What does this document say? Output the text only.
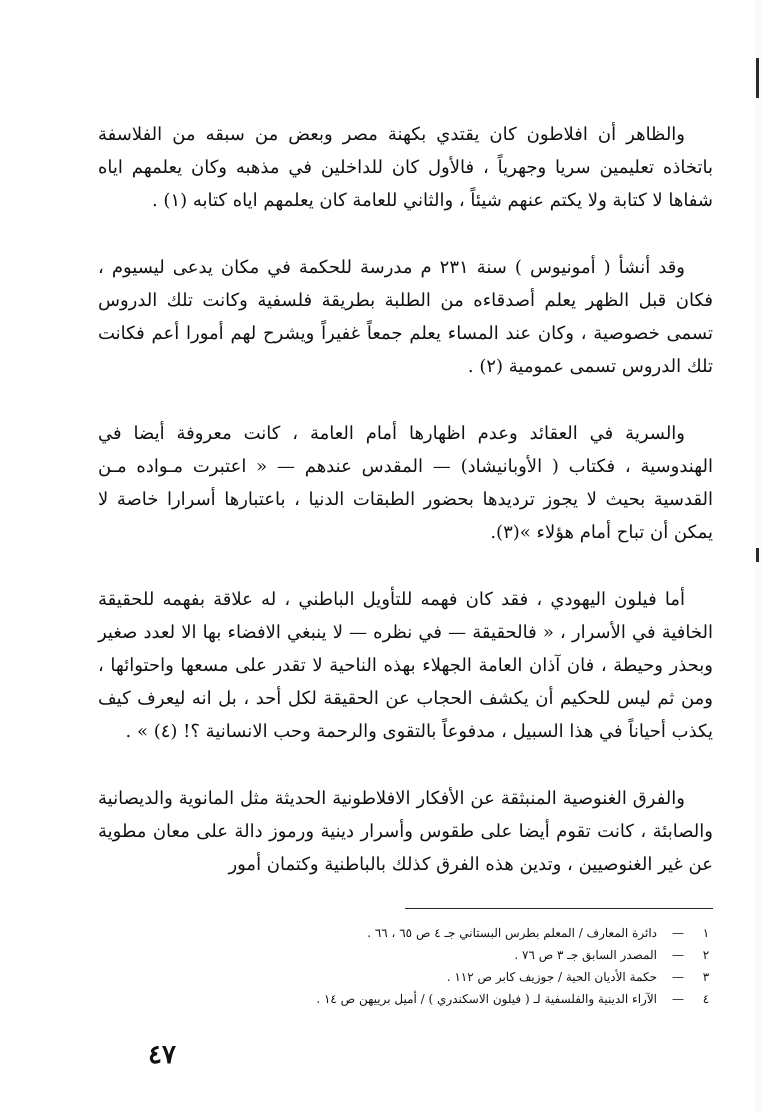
والظاهر أن افلاطون كان يقتدي بكهنة مصر وبعض من سبقه من الفلاسفة باتخاذه تعليمين سريا وجهرياً ، فالأول كان للداخلين في مذهبه وكان يعلمهم اياه شفاها لا كتابة ولا يكتم عنهم شيئاً ، والثاني للعامة كان يعلمهم اياه كتابه (١) .

وقد أنشأ ( أمونيوس ) سنة ٢٣١ م مدرسة للحكمة في مكان يدعى ليسيوم ، فكان قبل الظهر يعلم أصدقاءه من الطلبة بطريقة فلسفية وكانت تلك الدروس تسمى خصوصية ، وكان عند المساء يعلم جمعاً غفيراً ويشرح لهم أمورا أعم فكانت تلك الدروس تسمى عمومية (٢) .

والسرية في العقائد وعدم اظهارها أمام العامة ، كانت معروفة أيضا في الهندوسية ، فكتاب ( الأوبانيشاد) — المقدس عندهم — « اعتبرت مـواده مـن القدسية بحيث لا يجوز ترديدها بحضور الطبقات الدنيا ، باعتبارها أسرارا خاصة لا يمكن أن تباح أمام هؤلاء »(٣).

أما فيلون اليهودي ، فقد كان فهمه للتأويل الباطني ، له علاقة بفهمه للحقيقة الخافية في الأسرار ، « فالحقيقة — في نظره — لا ينبغي الافضاء بها الا لعدد صغير وبحذر وحيطة ، فان آذان العامة الجهلاء بهذه الناحية لا تقدر على مسعها واحتوائها ، ومن ثم ليس للحكيم أن يكشف الحجاب عن الحقيقة لكل أحد ، بل انه ليعرف كيف يكذب أحياناً في هذا السبيل ، مدفوعاً بالتقوى والرحمة وحب الانسانية ؟! (٤) » .

والفرق الغنوصية المنبثقة عن الأفكار الافلاطونية الحديثة مثل المانوية والديصانية والصابئة ، كانت تقوم أيضا على طقوس وأسرار دينية ورموز دالة على معان مطوية عن غير الغنوصيين ، وتدين هذه الفرق كذلك بالباطنية وكتمان أمور

١
—
دائرة المعارف / المعلم بطرس البستاني جـ ٤ ص ٦٥ ، ٦٦ .
٢
—
المصدر السابق جـ ٣ ص ٧٦ .
٣
—
حكمة الأديان الحية / جوزيف كابر ص ١١٢ .
٤
—
الآراء الدينية والفلسفية لـ ( فيلون الاسكندري ) / أميل برييهن ص ١٤ .
٤٧
